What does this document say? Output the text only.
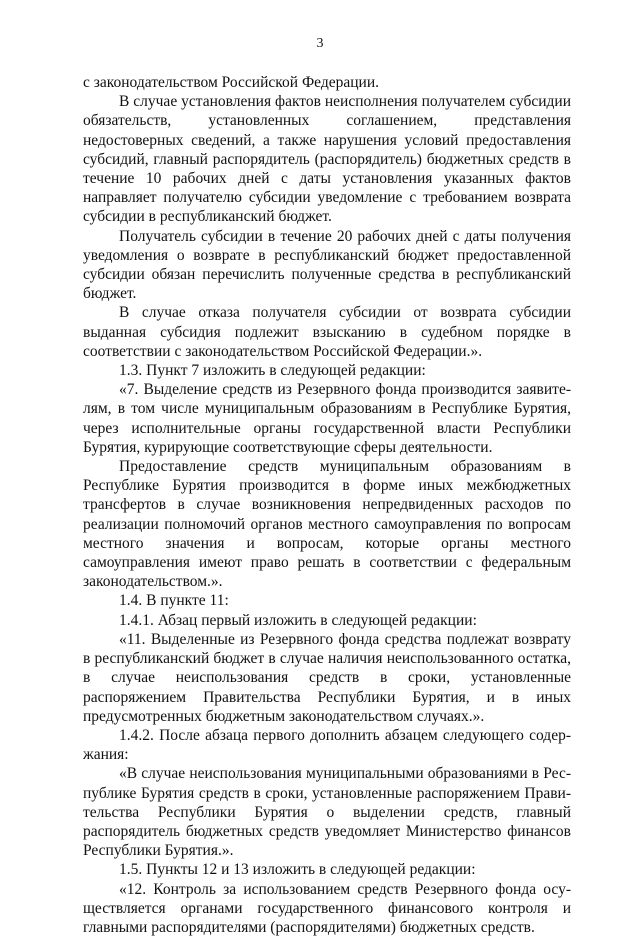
3

с законодательством Российской Федерации.

В случае установления фактов неисполнения получателем субсидии обязательств, установленных соглашением, представления недостоверных сведений, а также нарушения условий предоставления субсидий, главный распорядитель (распорядитель) бюджетных средств в течение 10 рабочих дней с даты установления указанных фактов направляет получателю субсидии уведомление с требованием возврата субсидии в республиканский бюджет.

Получатель субсидии в течение 20 рабочих дней с даты получения уведомления о возврате в республиканский бюджет предоставленной субсидии обязан перечислить полученные средства в республиканский бюджет.

В случае отказа получателя субсидии от возврата субсидии выданная субсидия подлежит взысканию в судебном порядке в соответствии с законодательством Российской Федерации.».

1.3. Пункт 7 изложить в следующей редакции:

«7. Выделение средств из Резервного фонда производится заявителям, в том числе муниципальным образованиям в Республике Бурятия, через исполнительные органы государственной власти Республики Бурятия, курирующие соответствующие сферы деятельности.

Предоставление средств муниципальным образованиям в Республике Бурятия производится в форме иных межбюджетных трансфертов в случае возникновения непредвиденных расходов по реализации полномочий органов местного самоуправления по вопросам местного значения и вопросам, которые органы местного самоуправления имеют право решать в соответствии с федеральным законодательством.».

1.4. В пункте 11:

1.4.1. Абзац первый изложить в следующей редакции:

«11. Выделенные из Резервного фонда средства подлежат возврату в республиканский бюджет в случае наличия неиспользованного остатка, в случае неиспользования средств в сроки, установленные распоряжением Правительства Республики Бурятия, и в иных предусмотренных бюджетным законодательством случаях.».

1.4.2. После абзаца первого дополнить абзацем следующего содержания:

«В случае неиспользования муниципальными образованиями в Республике Бурятия средств в сроки, установленные распоряжением Правительства Республики Бурятия о выделении средств, главный распорядитель бюджетных средств уведомляет Министерство финансов Республики Бурятия.».

1.5. Пункты 12 и 13 изложить в следующей редакции:

«12. Контроль за использованием средств Резервного фонда осуществляется органами государственного финансового контроля и главными распорядителями (распорядителями) бюджетных средств.
